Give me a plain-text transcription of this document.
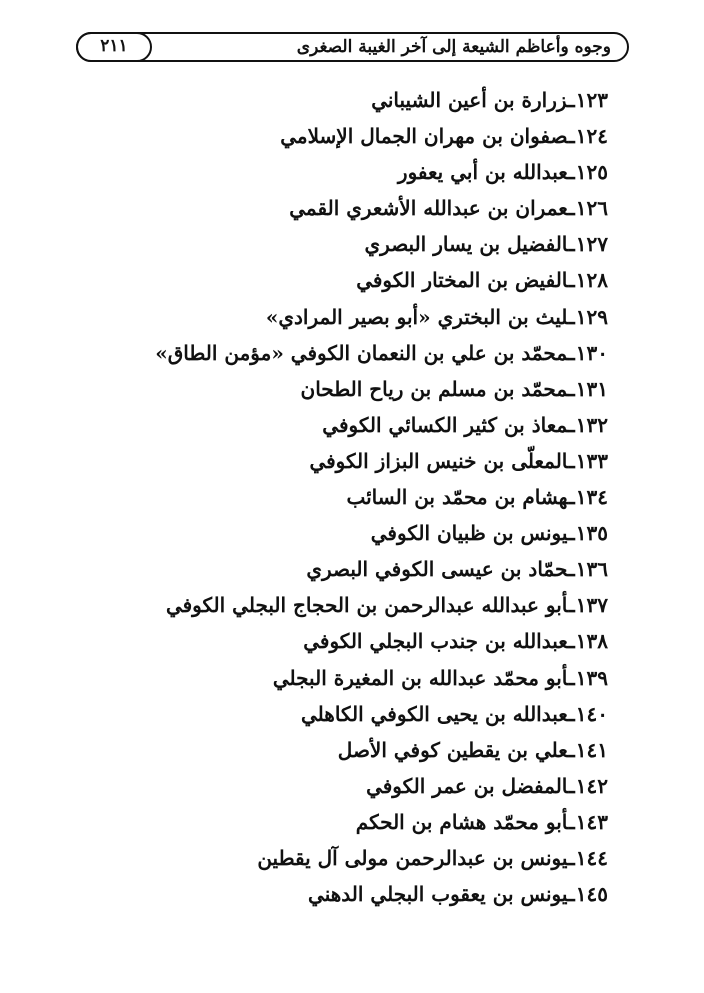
وجوه وأعاظم الشيعة إلى آخر الغيبة الصغرى
٢١١
١٢٣ـزرارة بن أعين الشيباني
١٢٤ـصفوان بن مهران الجمال الإسلامي
١٢٥ـعبدالله بن أبي يعفور
١٢٦ـعمران بن عبدالله الأشعري القمي
١٢٧ـالفضيل بن يسار البصري
١٢٨ـالفيض بن المختار الكوفي
١٢٩ـليث بن البختري «أبو بصير المرادي»
١٣٠ـمحمّد بن علي بن النعمان الكوفي «مؤمن الطاق»
١٣١ـمحمّد بن مسلم بن رياح الطحان
١٣٢ـمعاذ بن كثير الكسائي الكوفي
١٣٣ـالمعلّى بن خنيس البزاز الكوفي
١٣٤ـهشام بن محمّد بن السائب
١٣٥ـيونس بن ظبيان الكوفي
١٣٦ـحمّاد بن عيسى الكوفي البصري
١٣٧ـأبو عبدالله عبدالرحمن بن الحجاج البجلي الكوفي
١٣٨ـعبدالله بن جندب البجلي الكوفي
١٣٩ـأبو محمّد عبدالله بن المغيرة البجلي
١٤٠ـعبدالله بن يحيى الكوفي الكاهلي
١٤١ـعلي بن يقطين كوفي الأصل
١٤٢ـالمفضل بن عمر الكوفي
١٤٣ـأبو محمّد هشام بن الحكم
١٤٤ـيونس بن عبدالرحمن مولى آل يقطين
١٤٥ـيونس بن يعقوب البجلي الدهني
